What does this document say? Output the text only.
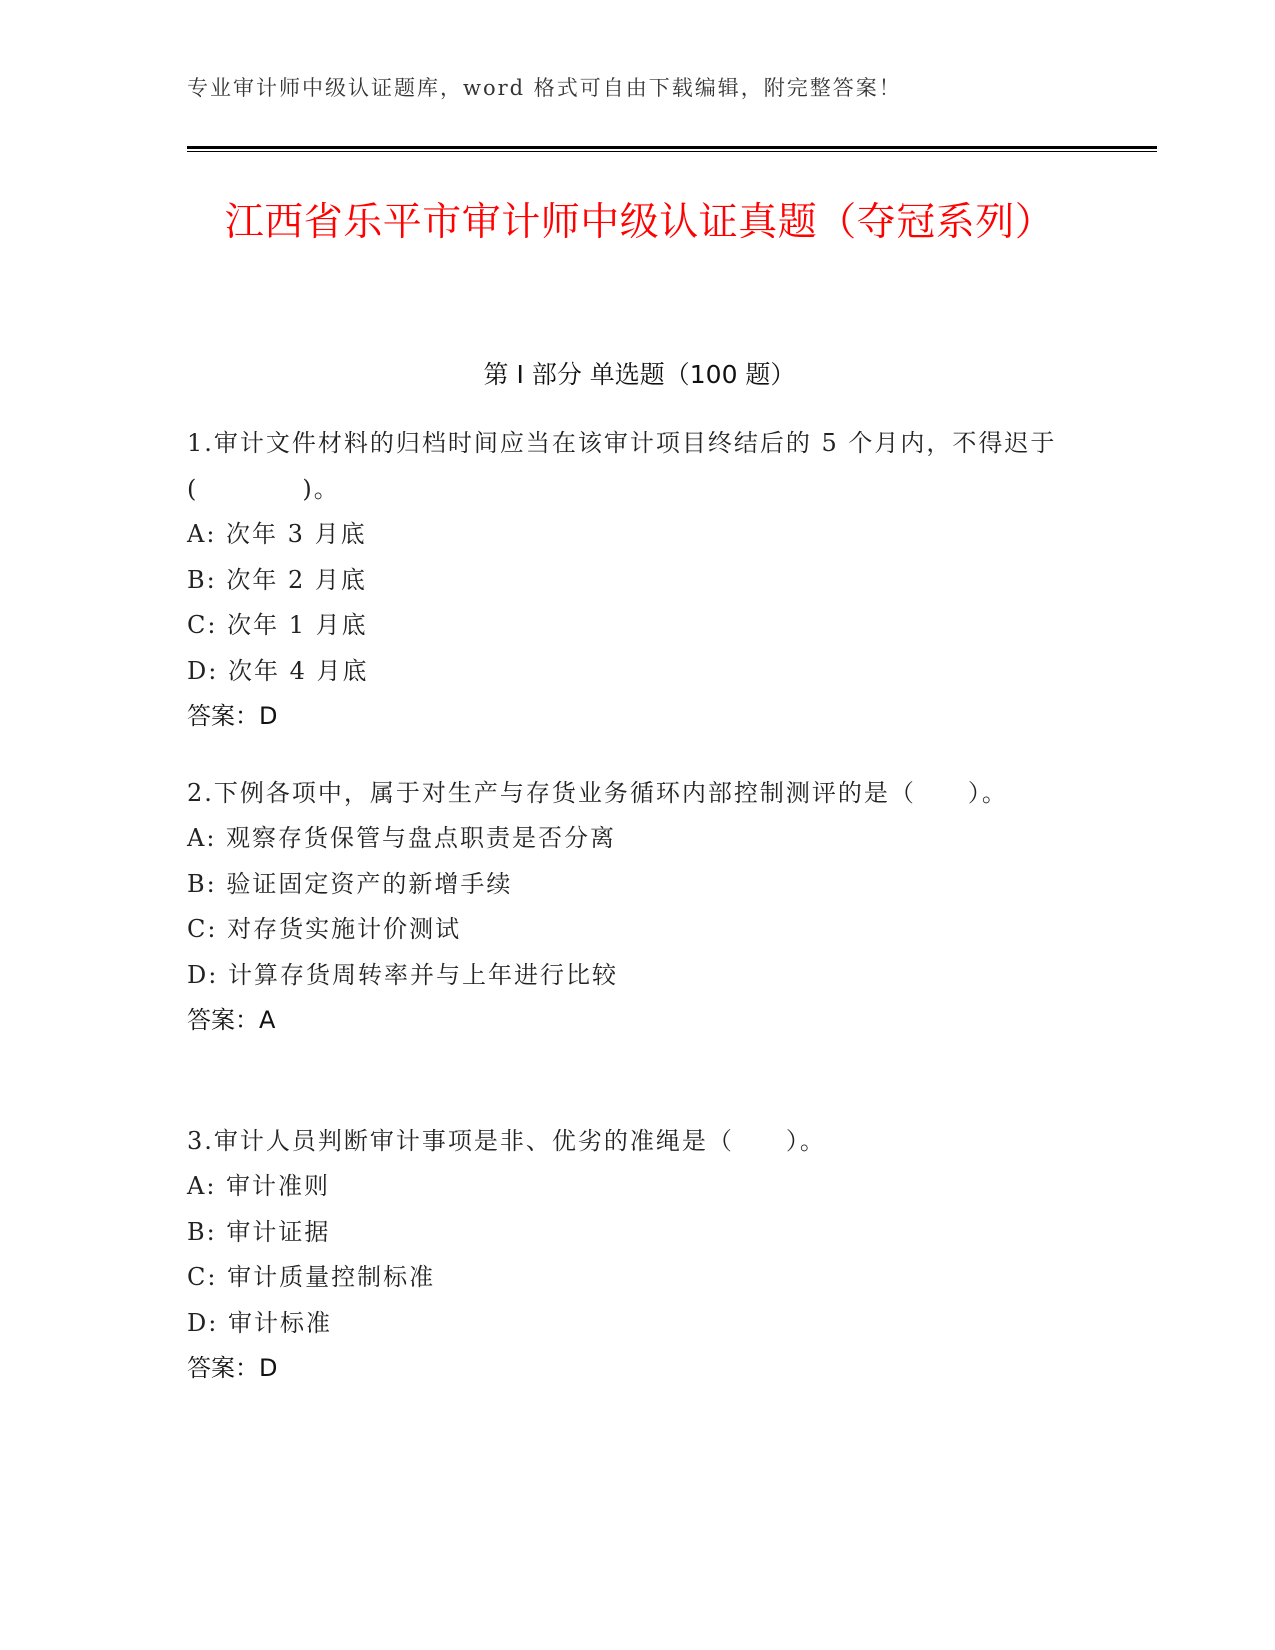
专业审计师中级认证题库，word 格式可自由下载编辑，附完整答案！
江西省乐平市审计师中级认证真题（夺冠系列）
第 I 部分 单选题（100 题）
1.审计文件材料的归档时间应当在该审计项目终结后的 5 个月内，不得迟于(　　　　)。
A: 次年 3 月底
B: 次年 2 月底
C: 次年 1 月底
D: 次年 4 月底
答案：D
2.下例各项中，属于对生产与存货业务循环内部控制测评的是（　　）。
A: 观察存货保管与盘点职责是否分离
B: 验证固定资产的新增手续
C: 对存货实施计价测试
D: 计算存货周转率并与上年进行比较
答案：A
3.审计人员判断审计事项是非、优劣的准绳是（　　）。
A: 审计准则
B: 审计证据
C: 审计质量控制标准
D: 审计标准
答案：D
